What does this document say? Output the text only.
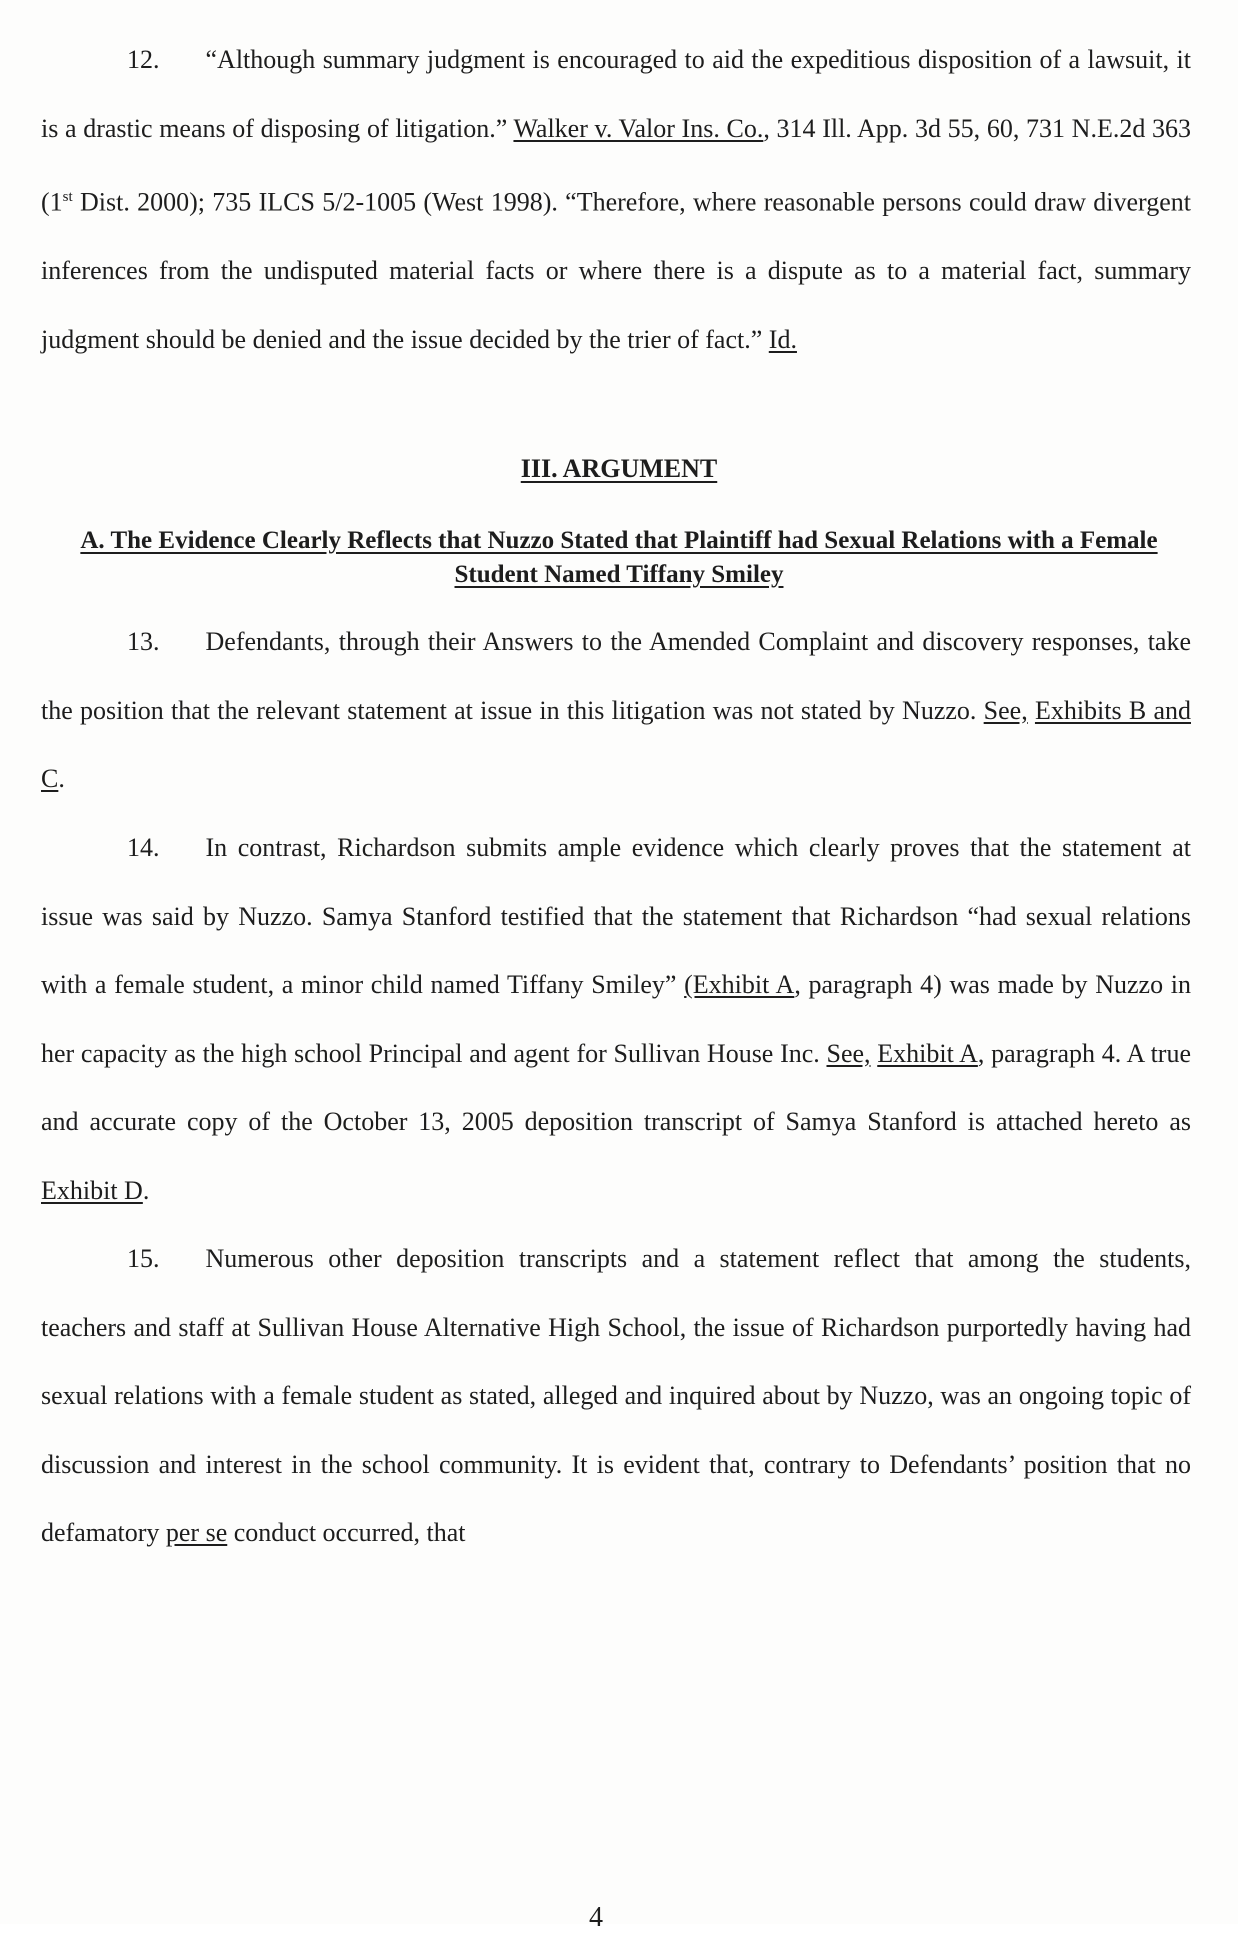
12. “Although summary judgment is encouraged to aid the expeditious disposition of a lawsuit, it is a drastic means of disposing of litigation.” Walker v. Valor Ins. Co., 314 Ill. App. 3d 55, 60, 731 N.E.2d 363 (1st Dist. 2000); 735 ILCS 5/2-1005 (West 1998). “Therefore, where reasonable persons could draw divergent inferences from the undisputed material facts or where there is a dispute as to a material fact, summary judgment should be denied and the issue decided by the trier of fact.” Id.

III. ARGUMENT

A. The Evidence Clearly Reflects that Nuzzo Stated that Plaintiff had Sexual Relations with a Female Student Named Tiffany Smiley

13. Defendants, through their Answers to the Amended Complaint and discovery responses, take the position that the relevant statement at issue in this litigation was not stated by Nuzzo. See, Exhibits B and C.

14. In contrast, Richardson submits ample evidence which clearly proves that the statement at issue was said by Nuzzo. Samya Stanford testified that the statement that Richardson “had sexual relations with a female student, a minor child named Tiffany Smiley” (Exhibit A, paragraph 4) was made by Nuzzo in her capacity as the high school Principal and agent for Sullivan House Inc. See, Exhibit A, paragraph 4. A true and accurate copy of the October 13, 2005 deposition transcript of Samya Stanford is attached hereto as Exhibit D.

15. Numerous other deposition transcripts and a statement reflect that among the students, teachers and staff at Sullivan House Alternative High School, the issue of Richardson purportedly having had sexual relations with a female student as stated, alleged and inquired about by Nuzzo, was an ongoing topic of discussion and interest in the school community. It is evident that, contrary to Defendants’ position that no defamatory per se conduct occurred, that

4
